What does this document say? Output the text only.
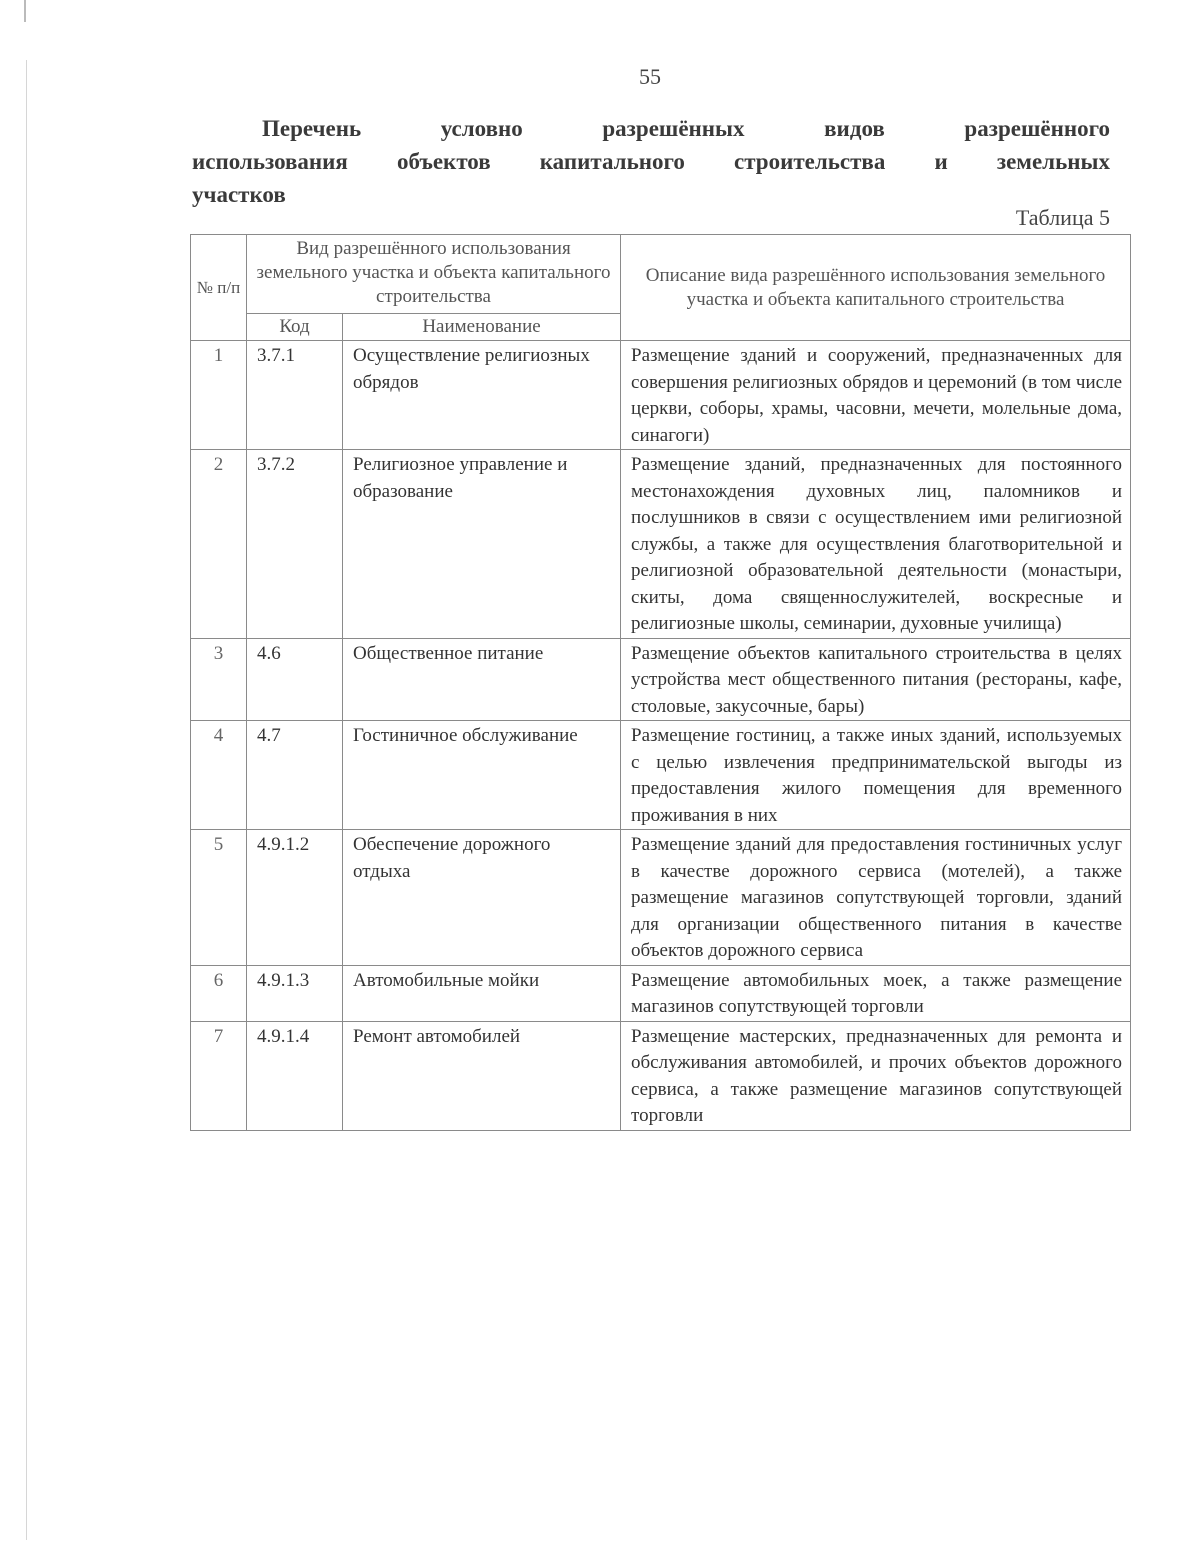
55
Перечень	условно	разрешённых	видов	разрешённого
использования объектов капитального строительства и земельных
участков
Таблица 5
№ п/п	Вид разрешённого использования земельного участка и объекта капитального строительства		Описание вида разрешённого использования земельного участка и объекта капитального строительства
	Код	Наименование	
1	3.7.1	Осуществление религиозных обрядов	Размещение зданий и сооружений, предназначенных для совершения религиозных обрядов и церемоний (в том числе церкви, соборы, храмы, часовни, мечети, молельные дома, синагоги)
2	3.7.2	Религиозное управление и образование	Размещение зданий, предназначенных для постоянного местонахождения духовных лиц, паломников и послушников в связи с осуществлением ими религиозной службы, а также для осуществления благотворительной и религиозной образовательной деятельности (монастыри, скиты, дома священнослужителей, воскресные и религиозные школы, семинарии, духовные училища)
3	4.6	Общественное питание	Размещение объектов капитального строительства в целях устройства мест общественного питания (рестораны, кафе, столовые, закусочные, бары)
4	4.7	Гостиничное обслуживание	Размещение гостиниц, а также иных зданий, используемых с целью извлечения предпринимательской выгоды из предоставления жилого помещения для временного проживания в них
5	4.9.1.2	Обеспечение дорожного отдыха	Размещение зданий для предоставления гостиничных услуг в качестве дорожного сервиса (мотелей), а также размещение магазинов сопутствующей торговли, зданий для организации общественного питания в качестве объектов дорожного сервиса
6	4.9.1.3	Автомобильные мойки	Размещение автомобильных моек, а также размещение магазинов сопутствующей торговли
7	4.9.1.4	Ремонт автомобилей	Размещение мастерских, предназначенных для ремонта и обслуживания автомобилей, и прочих объектов дорожного сервиса, а также размещение магазинов сопутствующей торговли
